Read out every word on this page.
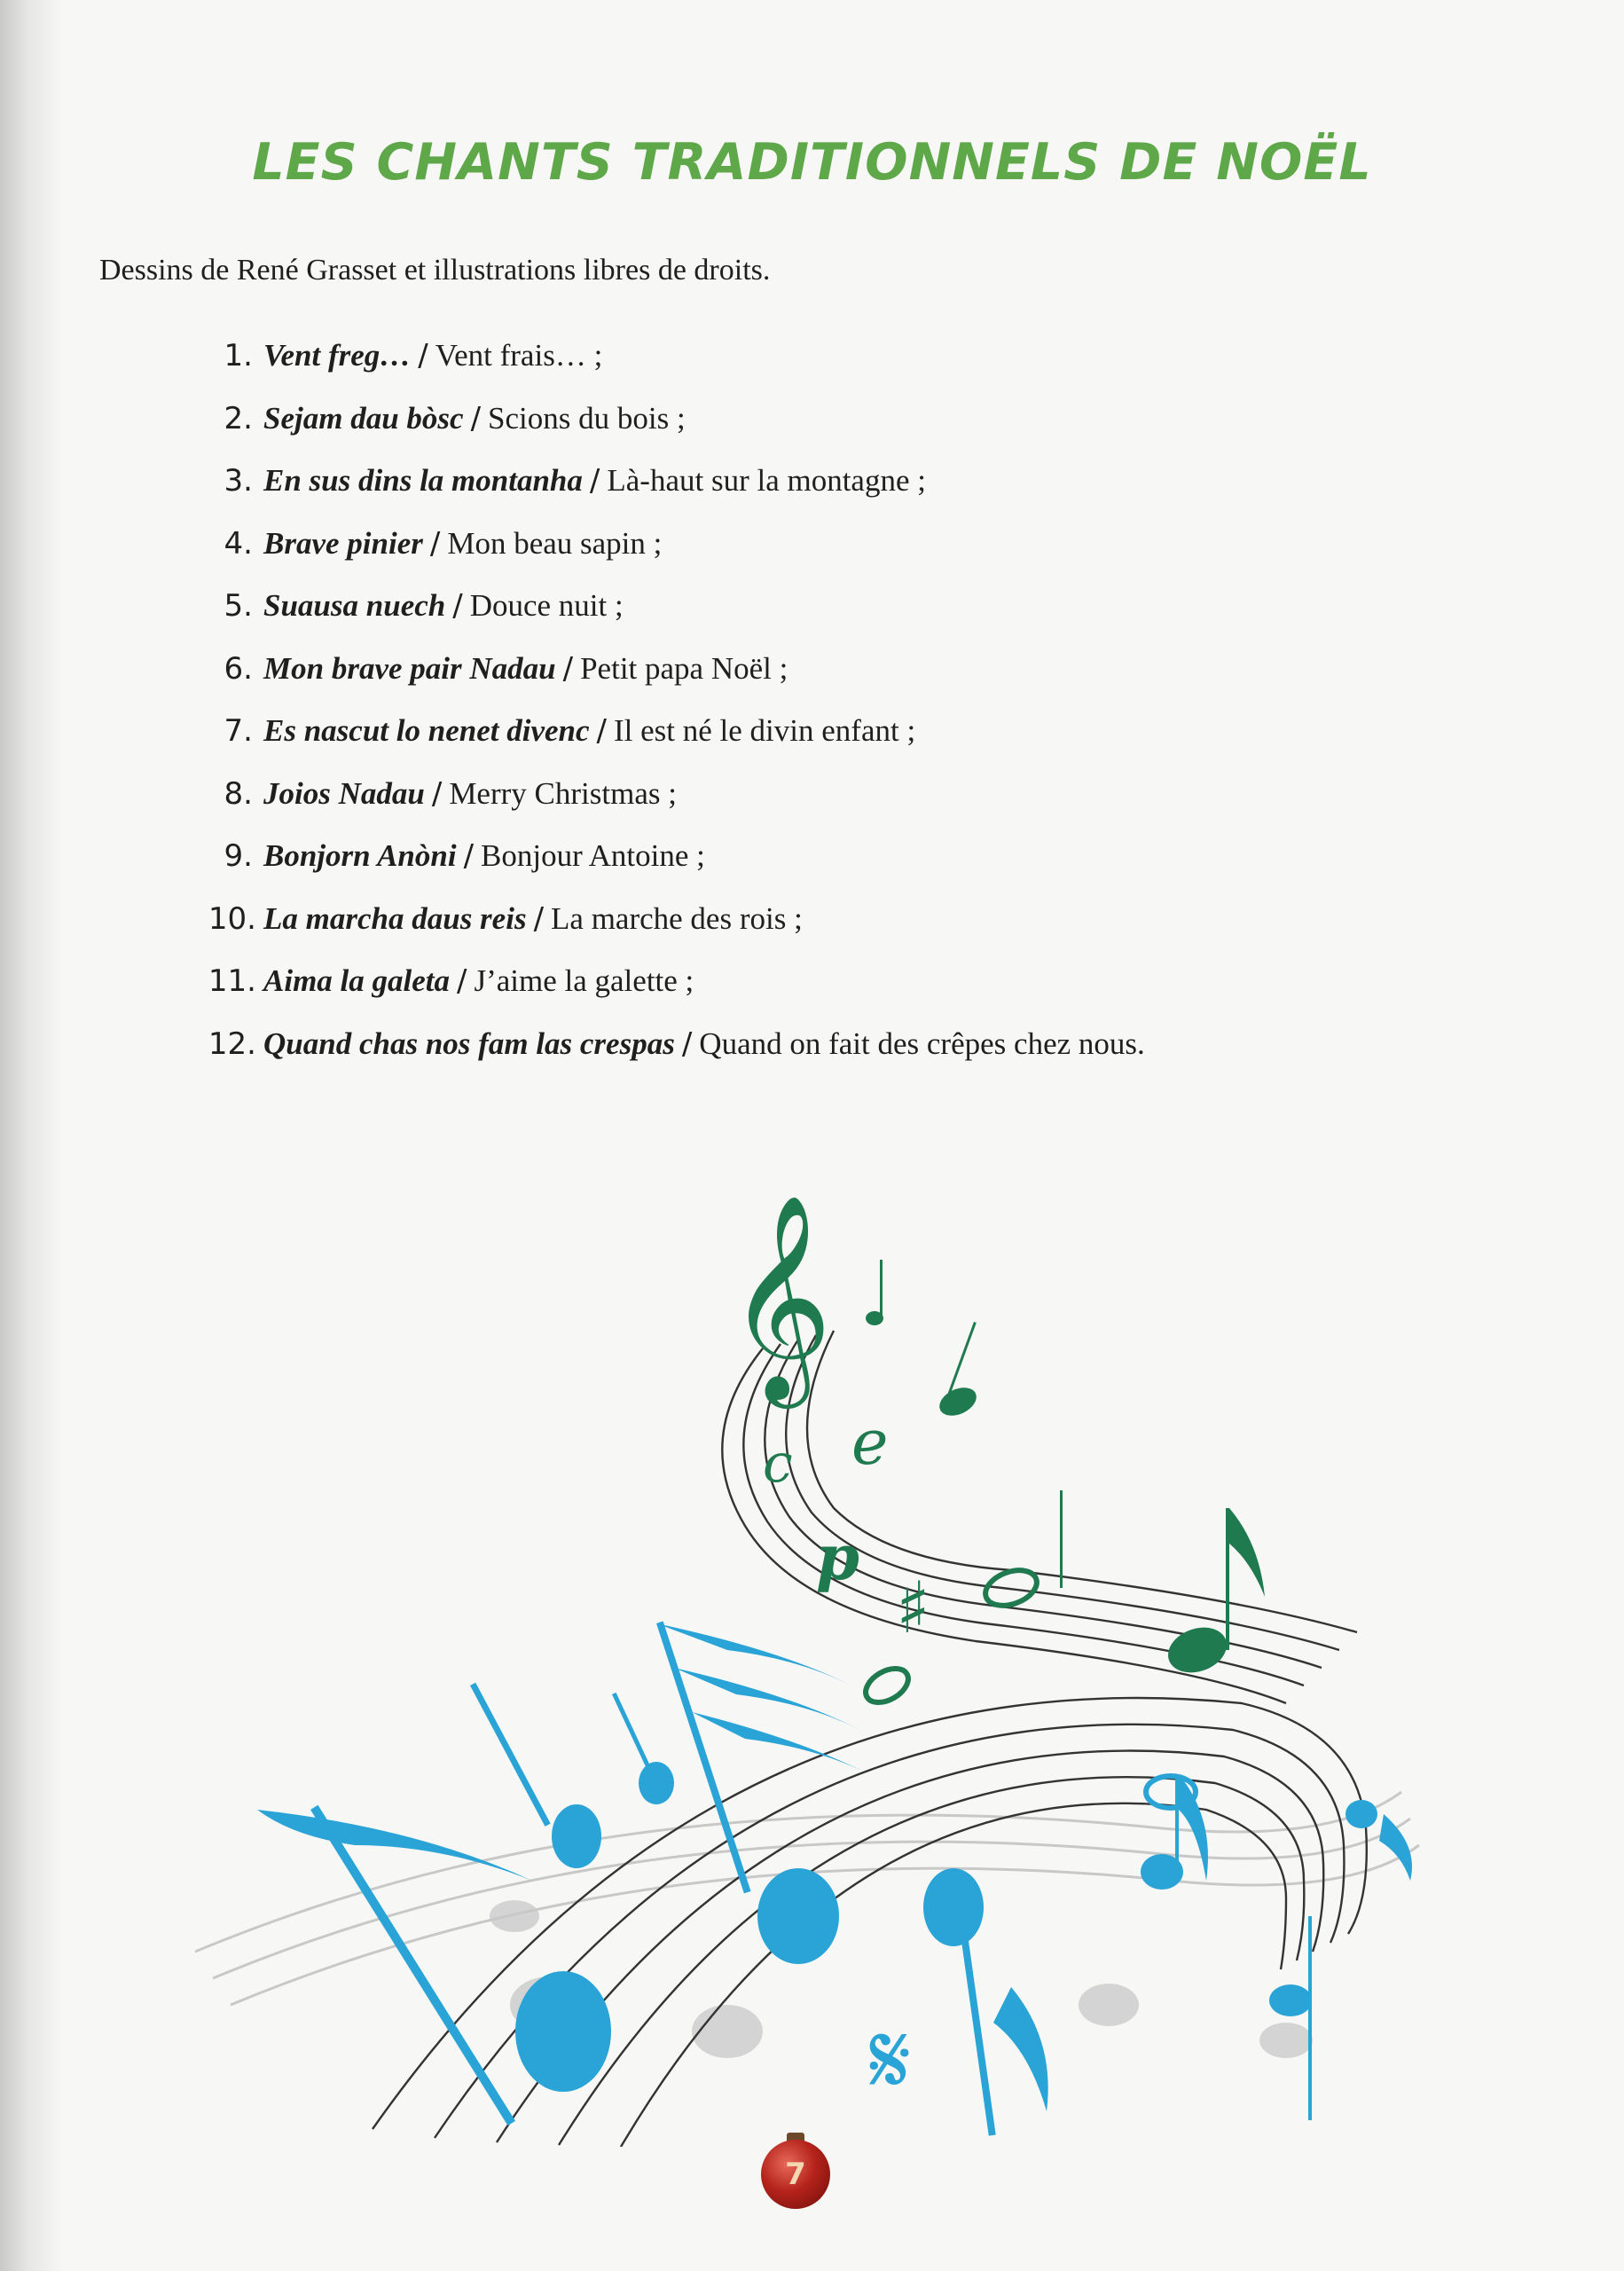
LES CHANTS TRADITIONNELS DE NOËL

Dessins de René Grasset et illustrations libres de droits.

1. Vent freg… / Vent frais… ;
2. Sejam dau bòsc / Scions du bois ;
3. En sus dins la montanha / Là-haut sur la montagne ;
4. Brave pinier / Mon beau sapin ;
5. Suausa nuech / Douce nuit ;
6. Mon brave pair Nadau / Petit papa Noël ;
7. Es nascut lo nenet divenc / Il est né le divin enfant ;
8. Joios Nadau / Merry Christmas ;
9. Bonjorn Anòni / Bonjour Antoine ;
10. La marcha daus reis / La marche des rois ;
11. Aima la galeta / J’aime la galette ;
12. Quand chas nos fam las crespas / Quand on fait des crêpes chez nous.
𝄞
c e
p
♯
𝄋
7
